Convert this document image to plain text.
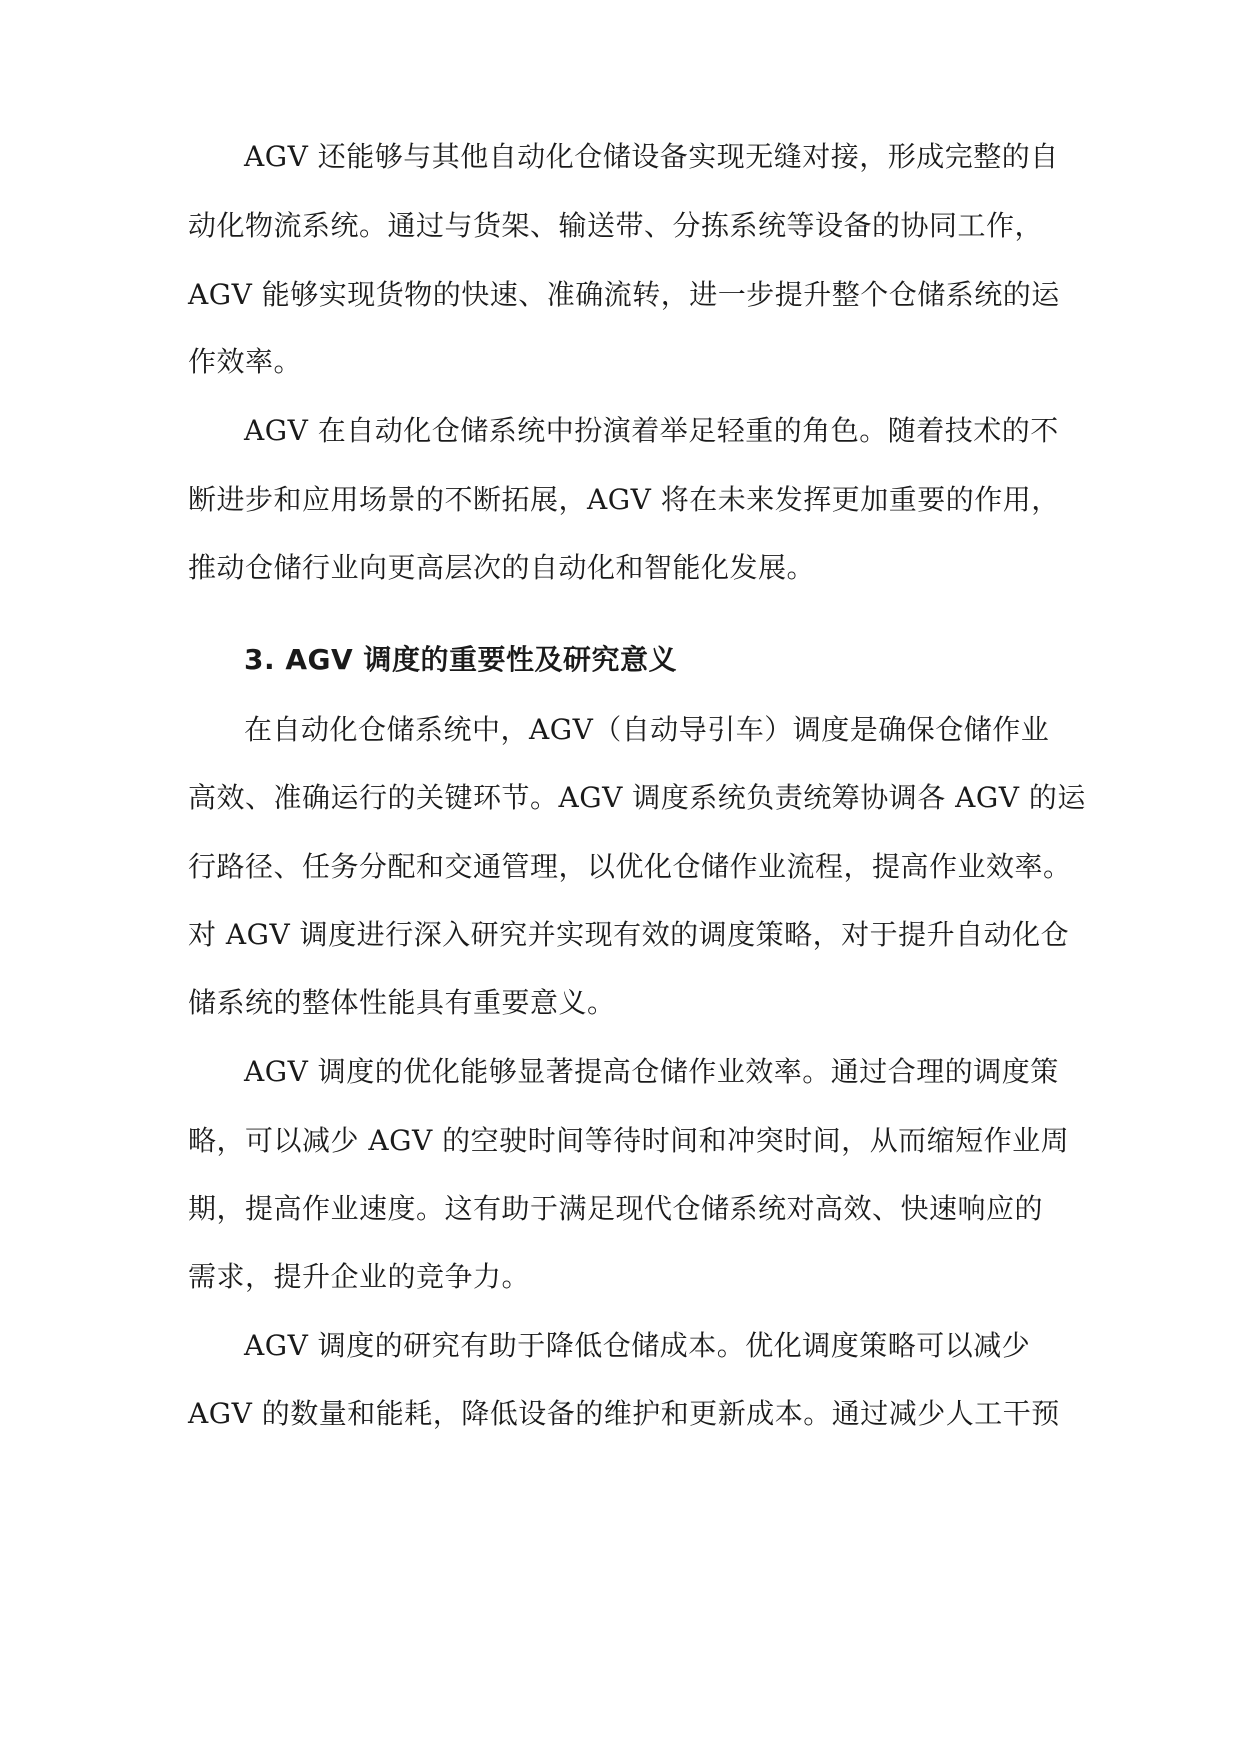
AGV 还能够与其他自动化仓储设备实现无缝对接，形成完整的自
动化物流系统。通过与货架、输送带、分拣系统等设备的协同工作，
AGV 能够实现货物的快速、准确流转，进一步提升整个仓储系统的运
作效率。
AGV 在自动化仓储系统中扮演着举足轻重的角色。随着技术的不
断进步和应用场景的不断拓展，AGV 将在未来发挥更加重要的作用，
推动仓储行业向更高层次的自动化和智能化发展。
3. AGV 调度的重要性及研究意义
在自动化仓储系统中，AGV（自动导引车）调度是确保仓储作业
高效、准确运行的关键环节。AGV 调度系统负责统筹协调各 AGV 的运
行路径、任务分配和交通管理，以优化仓储作业流程，提高作业效率。
对 AGV 调度进行深入研究并实现有效的调度策略，对于提升自动化仓
储系统的整体性能具有重要意义。
AGV 调度的优化能够显著提高仓储作业效率。通过合理的调度策
略，可以减少 AGV 的空驶时间等待时间和冲突时间，从而缩短作业周
期，提高作业速度。这有助于满足现代仓储系统对高效、快速响应的
需求，提升企业的竞争力。
AGV 调度的研究有助于降低仓储成本。优化调度策略可以减少
AGV 的数量和能耗，降低设备的维护和更新成本。通过减少人工干预
